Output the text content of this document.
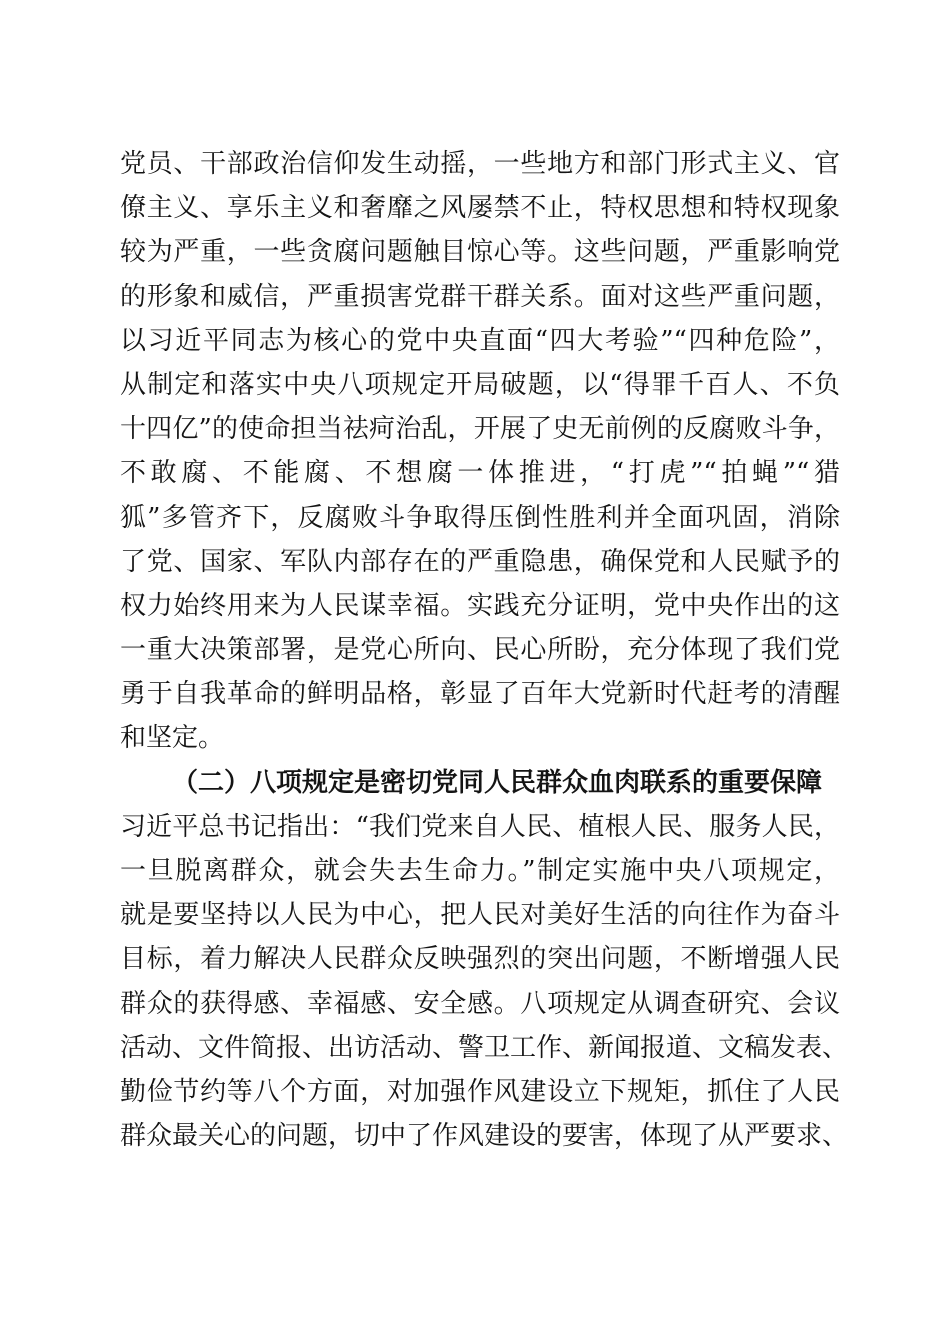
党员、干部政治信仰发生动摇，一些地方和部门形式主义、官
僚主义、享乐主义和奢靡之风屡禁不止，特权思想和特权现象
较为严重，一些贪腐问题触目惊心等。这些问题，严重影响党
的形象和威信，严重损害党群干群关系。面对这些严重问题，
以习近平同志为核心的党中央直面“四大考验”“四种危险”，
从制定和落实中央八项规定开局破题，以“得罪千百人、不负
十四亿”的使命担当祛疴治乱，开展了史无前例的反腐败斗争，
不敢腐、不能腐、不想腐一体推进，“打虎”“拍蝇”“猎
狐”多管齐下，反腐败斗争取得压倒性胜利并全面巩固，消除
了党、国家、军队内部存在的严重隐患，确保党和人民赋予的
权力始终用来为人民谋幸福。实践充分证明，党中央作出的这
一重大决策部署，是党心所向、民心所盼，充分体现了我们党
勇于自我革命的鲜明品格，彰显了百年大党新时代赶考的清醒
和坚定。
（二）八项规定是密切党同人民群众血肉联系的重要保障
习近平总书记指出：“我们党来自人民、植根人民、服务人民，
一旦脱离群众，就会失去生命力。”制定实施中央八项规定，
就是要坚持以人民为中心，把人民对美好生活的向往作为奋斗
目标，着力解决人民群众反映强烈的突出问题，不断增强人民
群众的获得感、幸福感、安全感。八项规定从调查研究、会议
活动、文件简报、出访活动、警卫工作、新闻报道、文稿发表、
勤俭节约等八个方面，对加强作风建设立下规矩，抓住了人民
群众最关心的问题，切中了作风建设的要害，体现了从严要求、
